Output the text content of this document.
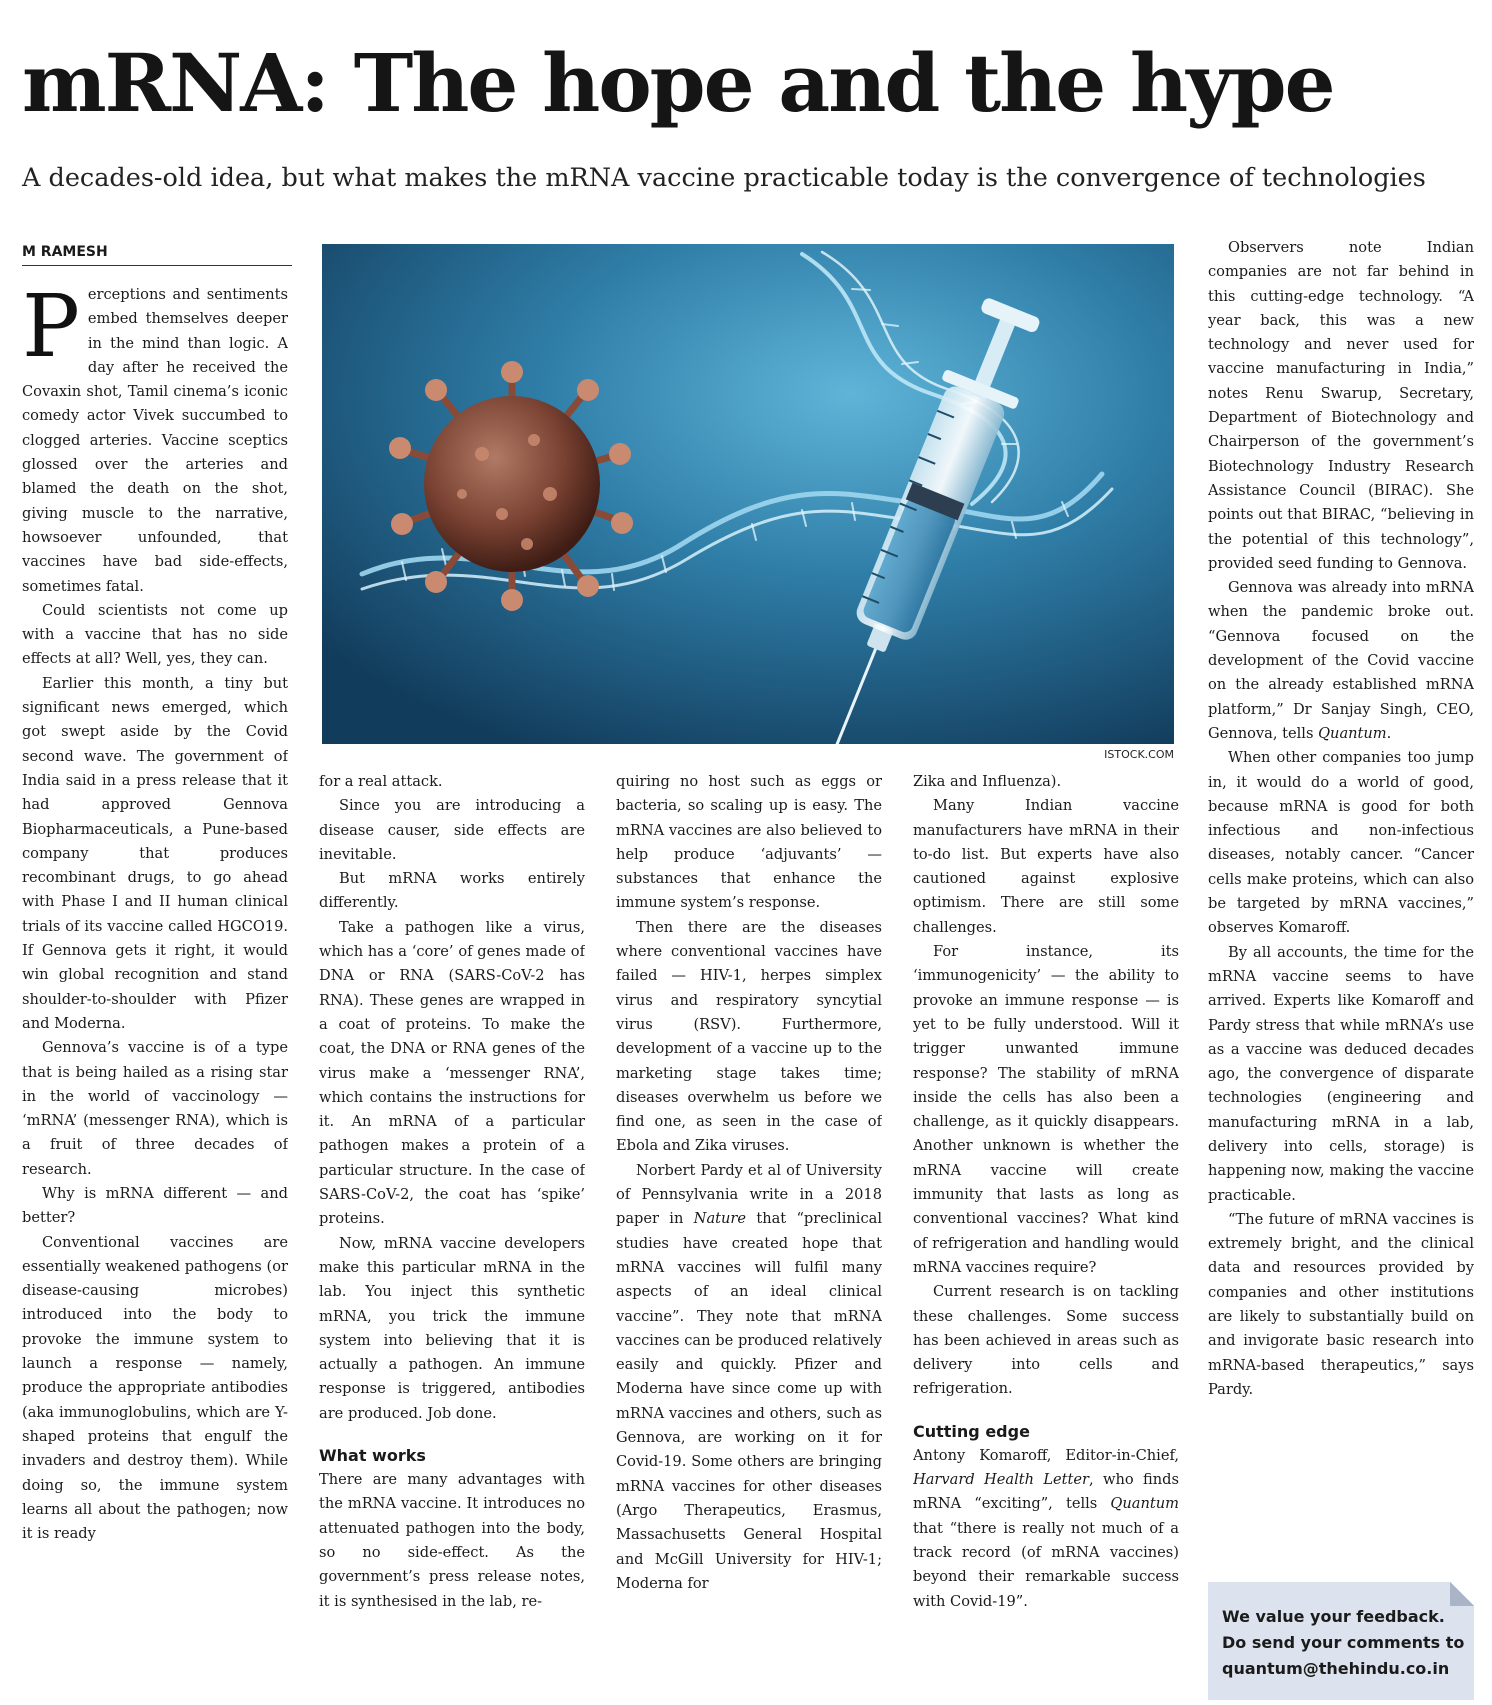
mRNA: The hope and the hype

A decades-old idea, but what makes the mRNA vaccine practicable today is the convergence of technologies

M RAMESH

Perceptions and sentiments embed themselves deeper in the mind than logic. A day after he received the Covaxin shot, Tamil cinema’s iconic comedy actor Vivek succumbed to clogged arteries. Vaccine sceptics glossed over the arteries and blamed the death on the shot, giving muscle to the narrative, howsoever unfounded, that vaccines have bad side-effects, sometimes fatal.

Could scientists not come up with a vaccine that has no side effects at all? Well, yes, they can.

Earlier this month, a tiny but significant news emerged, which got swept aside by the Covid second wave. The government of India said in a press release that it had approved Gennova Biopharmaceuticals, a Pune-based company that produces recombinant drugs, to go ahead with Phase I and II human clinical trials of its vaccine called HGCO19. If Gennova gets it right, it would win global recognition and stand shoulder-to-shoulder with Pfizer and Moderna.

Gennova’s vaccine is of a type that is being hailed as a rising star in the world of vaccinology — ‘mRNA’ (messenger RNA), which is a fruit of three decades of research.

Why is mRNA different — and better?

Conventional vaccines are essentially weakened pathogens (or disease-causing microbes) introduced into the body to provoke the immune system to launch a response — namely, produce the appropriate antibodies (aka immunoglobulins, which are Y-shaped proteins that engulf the invaders and destroy them). While doing so, the immune system learns all about the pathogen; now it is ready

ISTOCK.COM

for a real attack.

Since you are introducing a disease causer, side effects are inevitable.

But mRNA works entirely differently.

Take a pathogen like a virus, which has a ‘core’ of genes made of DNA or RNA (SARS-CoV-2 has RNA). These genes are wrapped in a coat of proteins. To make the coat, the DNA or RNA genes of the virus make a ‘messenger RNA’, which contains the instructions for it. An mRNA of a particular pathogen makes a protein of a particular structure. In the case of SARS-CoV-2, the coat has ‘spike’ proteins.

Now, mRNA vaccine developers make this particular mRNA in the lab. You inject this synthetic mRNA, you trick the immune system into believing that it is actually a pathogen. An immune response is triggered, antibodies are produced. Job done.

What works

There are many advantages with the mRNA vaccine. It introduces no attenuated pathogen into the body, so no side-effect. As the government’s press release notes, it is synthesised in the lab, re-

quiring no host such as eggs or bacteria, so scaling up is easy. The mRNA vaccines are also believed to help produce ‘adjuvants’ — substances that enhance the immune system’s response.

Then there are the diseases where conventional vaccines have failed — HIV-1, herpes simplex virus and respiratory syncytial virus (RSV). Furthermore, development of a vaccine up to the marketing stage takes time; diseases overwhelm us before we find one, as seen in the case of Ebola and Zika viruses.

Norbert Pardy et al of University of Pennsylvania write in a 2018 paper in Nature that “preclinical studies have created hope that mRNA vaccines will fulfil many aspects of an ideal clinical vaccine”. They note that mRNA vaccines can be produced relatively easily and quickly. Pfizer and Moderna have since come up with mRNA vaccines and others, such as Gennova, are working on it for Covid-19. Some others are bringing mRNA vaccines for other diseases (Argo Therapeutics, Erasmus, Massachusetts General Hospital and McGill University for HIV-1; Moderna for

Zika and Influenza).

Many Indian vaccine manufacturers have mRNA in their to-do list. But experts have also cautioned against explosive optimism. There are still some challenges.

For instance, its ‘immunogenicity’ — the ability to provoke an immune response — is yet to be fully understood. Will it trigger unwanted immune response? The stability of mRNA inside the cells has also been a challenge, as it quickly disappears. Another unknown is whether the mRNA vaccine will create immunity that lasts as long as conventional vaccines? What kind of refrigeration and handling would mRNA vaccines require?

Current research is on tackling these challenges. Some success has been achieved in areas such as delivery into cells and refrigeration.

Cutting edge

Antony Komaroff, Editor-in-Chief, Harvard Health Letter, who finds mRNA “exciting”, tells Quantum that “there is really not much of a track record (of mRNA vaccines) beyond their remarkable success with Covid-19”.

Observers note Indian companies are not far behind in this cutting-edge technology. “A year back, this was a new technology and never used for vaccine manufacturing in India,” notes Renu Swarup, Secretary, Department of Biotechnology and Chairperson of the government’s Biotechnology Industry Research Assistance Council (BIRAC). She points out that BIRAC, “believing in the potential of this technology”, provided seed funding to Gennova.

Gennova was already into mRNA when the pandemic broke out. “Gennova focused on the development of the Covid vaccine on the already established mRNA platform,” Dr Sanjay Singh, CEO, Gennova, tells Quantum.

When other companies too jump in, it would do a world of good, because mRNA is good for both infectious and non-infectious diseases, notably cancer. “Cancer cells make proteins, which can also be targeted by mRNA vaccines,” observes Komaroff.

By all accounts, the time for the mRNA vaccine seems to have arrived. Experts like Komaroff and Pardy stress that while mRNA’s use as a vaccine was deduced decades ago, the convergence of disparate technologies (engineering and manufacturing mRNA in a lab, delivery into cells, storage) is happening now, making the vaccine practicable.

“The future of mRNA vaccines is extremely bright, and the clinical data and resources provided by companies and other institutions are likely to substantially build on and invigorate basic research into mRNA-based therapeutics,” says Pardy.

We value your feedback.
Do send your comments to
quantum@thehindu.co.in
